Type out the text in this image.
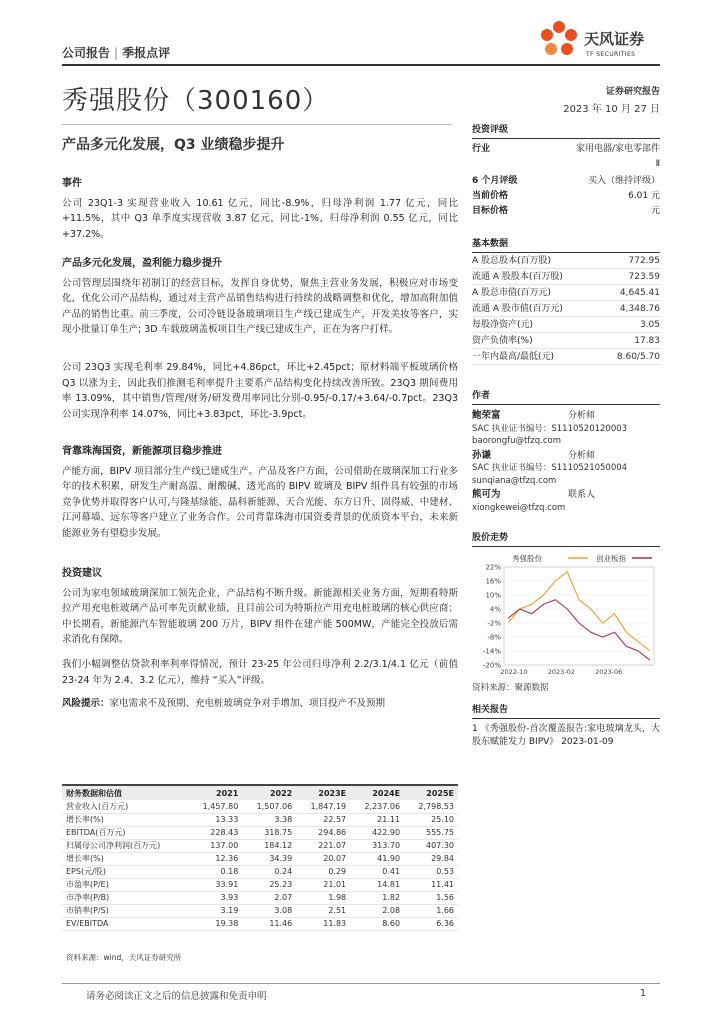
公司报告 | 季报点评
天风证券
TF SECURITIES
秀强股份（300160）	证券研究报告
2023 年 10 月 27 日
产品多元化发展，Q3 业绩稳步提升
事件
公司 23Q1-3 实现营业收入 10.61 亿元，同比-8.9%，归母净利润 1.77 亿元，同比+11.5%，其中 Q3 单季度实现营收 3.87 亿元，同比-1%，归母净利润 0.55 亿元，同比+37.2%。
产品多元化发展，盈利能力稳步提升
公司管理层围绕年初制订的经营目标，发挥自身优势，聚焦主营业务发展，积极应对市场变化，优化公司产品结构，通过对主营产品销售结构进行持续的战略调整和优化，增加高附加值产品的销售比重。前三季度，公司冷链设备玻璃项目生产线已建成生产，开发美妆等客户，实现小批量订单生产; 3D 车载玻璃盖板项目生产线已建成生产，正在为客户打样。
公司 23Q3 实现毛利率 29.84%，同比+4.86pct，环比+2.45pct；原材料端平板玻璃价格 Q3 以涨为主，因此我们推测毛利率提升主要系产品结构变化持续改善所致。23Q3 期间费用率 13.09%，其中销售/管理/财务/研发费用率同比分别-0.95/-0.17/+3.64/-0.7pct。23Q3 公司实现净利率 14.07%，同比+3.83pct，环比-3.9pct。
背靠珠海国资，新能源项目稳步推进
产能方面，BIPV 项目部分生产线已建成生产。产品及客户方面，公司借助在玻璃深加工行业多年的技术积累，研发生产耐高温、耐酸碱、透光高的 BIPV 玻璃及 BIPV 组件具有较强的市场竞争优势并取得客户认可,与隆基绿能、晶科新能源、天合光能、东方日升、固得威、中建材、江河幕墙、远东等客户建立了业务合作。公司背靠珠海市国资委背景的优质资本平台，未来新能源业务有望稳步发展。
投资建议
公司为家电领域玻璃深加工领先企业，产品结构不断升级。新能源相关业务方面，短期看特斯拉产用充电桩玻璃产品可率先贡献业绩，且目前公司为特斯拉产用充电桩玻璃的核心供应商；中长期看，新能源汽车智能玻璃 200 万片，BIPV 组件在建产能 500MW，产能完全投放后需求消化有保障。
我们小幅调整估贷款利率利率得情况，预计 23-25 年公司归母净利 2.2/3.1/4.1 亿元（前值 23-24 年为 2.4、3.2 亿元），维持 “买入”评级。
风险提示：家电需求不及预期、充电桩玻璃竞争对手增加、项目投产不及预期
投资评级
行业	家用电器/家电零部件
Ⅱ
6 个月评级	买入（维持评级）
当前价格	6.01 元
目标价格	元
基本数据
A 股总股本(百万股)	772.95
流通 A 股股本(百万股)	723.59
A 股总市值(百万元)	4,645.41
流通 A 股市值(百万元)	4,348.76
每股净资产(元)	3.05
资产负债率(%)	17.83
一年内最高/最低(元)	8.60/5.70
作者
鲍荣富	分析师
SAC 执业证书编号：S1110520120003
baorongfu@tfzq.com
孙谦	分析师
SAC 执业证书编号：S1110521050004
sunqiana@tfzq.com
熊可为	联系人
xiongkewei@tfzq.com
股价走势
秀强股份	创业板指
22%
16%
10%
4%
-2%
-8%
-14%
-20%
2022-10	2023-02	2023-06
资料来源：聚源数据
相关报告
1 《秀强股份-首次覆盖报告:家电玻璃龙头，大股东赋能发力 BIPV》 2023-01-09
财务数据和估值	2021	2022	2023E	2024E	2025E
营业收入(百万元)	1,457.80	1,507.06	1,847.19	2,237.06	2,798.53
增长率(%)	13.33	3.38	22.57	21.11	25.10
EBITDA(百万元)	228.43	318.75	294.86	422.90	555.75
归属母公司净利润(百万元)	137.00	184.12	221.07	313.70	407.30
增长率(%)	12.36	34.39	20.07	41.90	29.84
EPS(元/股)	0.18	0.24	0.29	0.41	0.53
市盈率(P/E)	33.91	25.23	21.01	14.81	11.41
市净率(P/B)	3.93	2.07	1.98	1.82	1.56
市销率(P/S)	3.19	3.08	2.51	2.08	1.66
EV/EBITDA	19.38	11.46	11.83	8.60	6.36
资料来源：wind，天风证券研究所
请务必阅读正文之后的信息披露和免责申明	1
